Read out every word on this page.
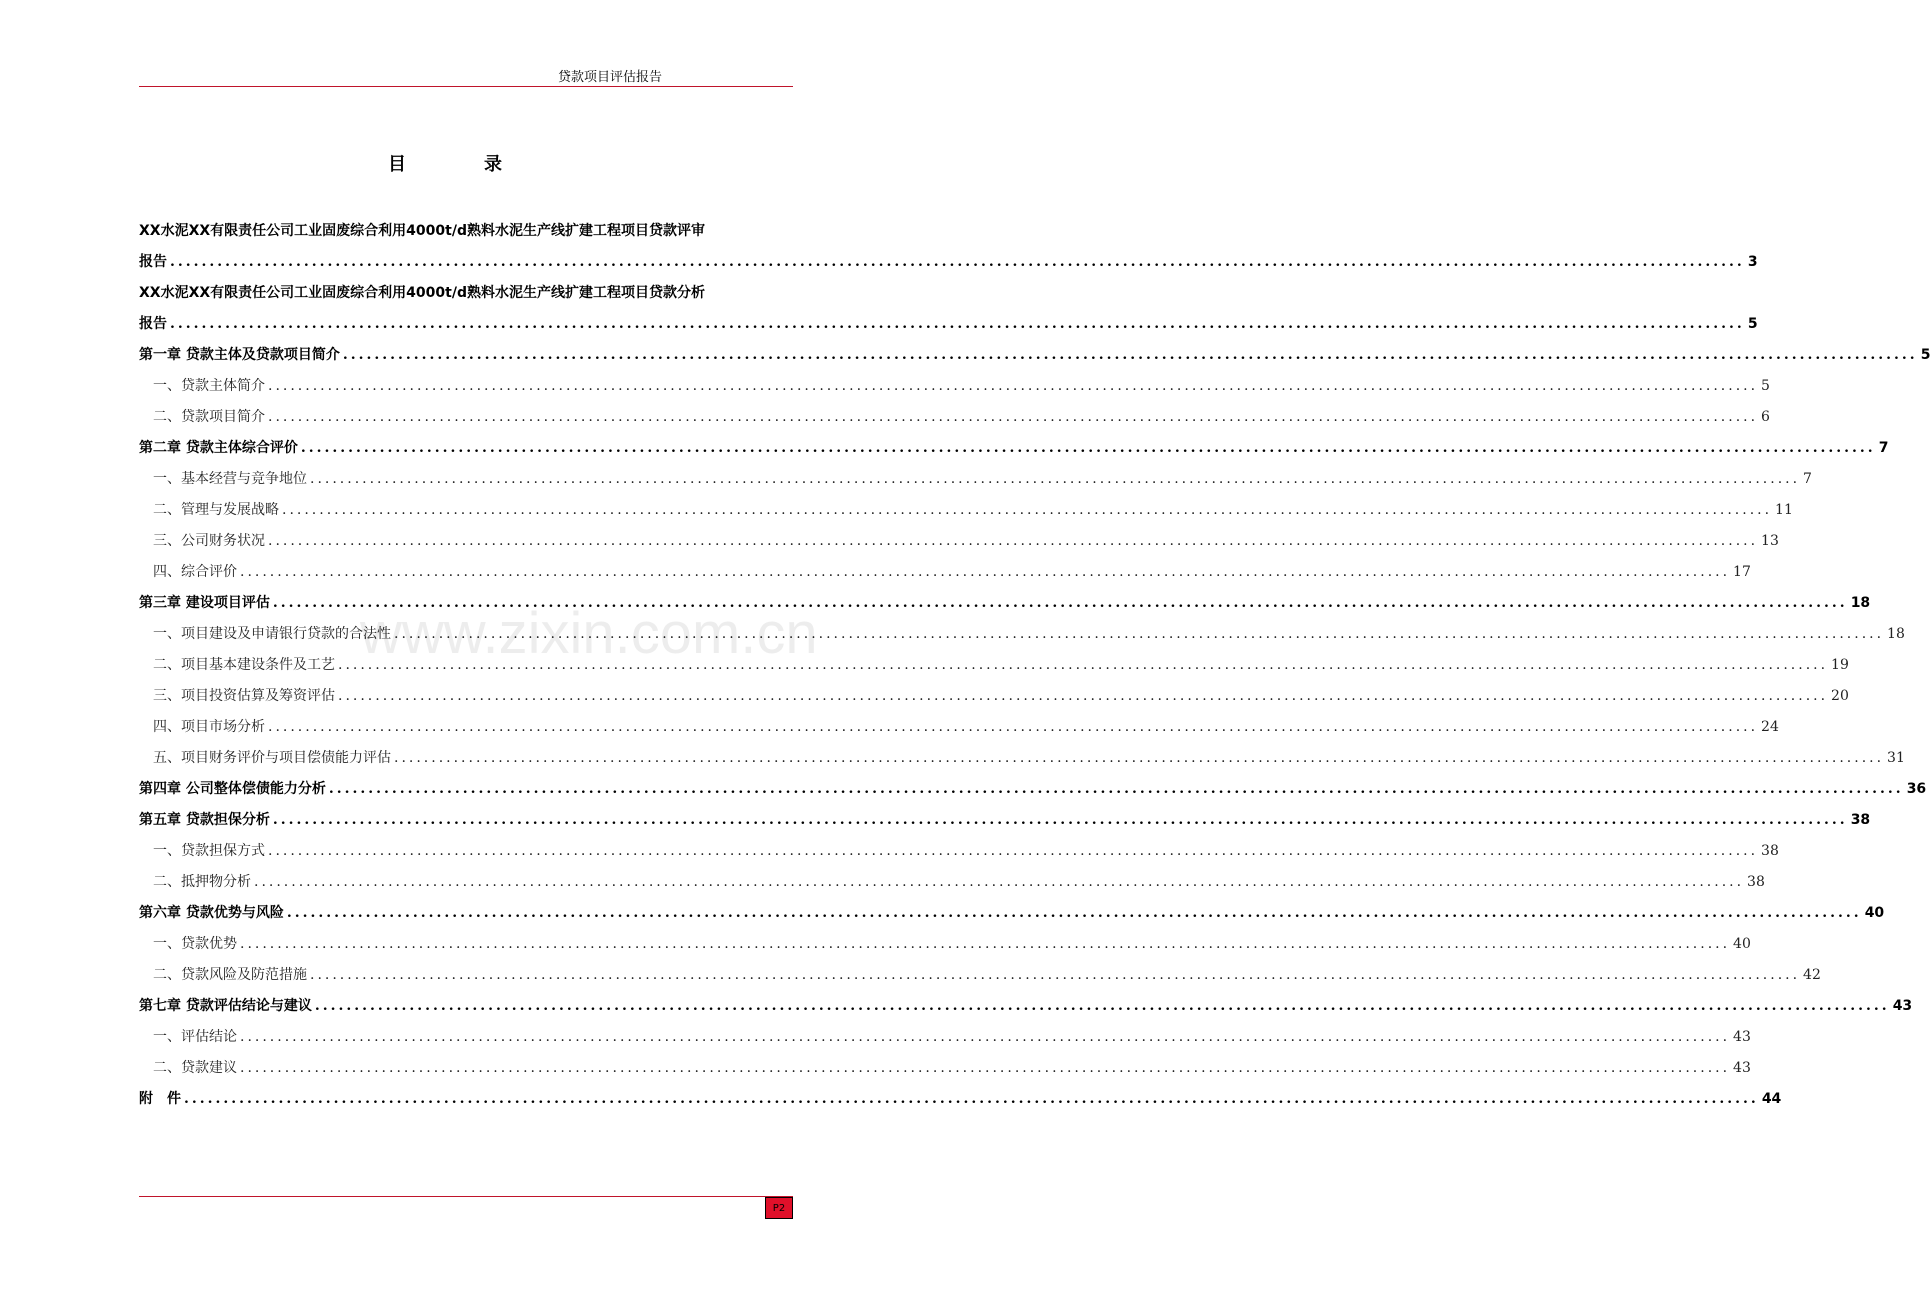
贷款项目评估报告
目　录
XX水泥XX有限责任公司工业固废综合利用4000t/d熟料水泥生产线扩建工程项目贷款评审
报告 ........................................................................................................................................................................................................ 3
XX水泥XX有限责任公司工业固废综合利用4000t/d熟料水泥生产线扩建工程项目贷款分析
报告 ........................................................................................................................................................................................................ 5
第一章 贷款主体及贷款项目简介 ........................................................................................................................................................................................................ 5
一、贷款主体简介 ........................................................................................................................................................................................................ 5
二、贷款项目简介 ........................................................................................................................................................................................................ 6
第二章 贷款主体综合评价 ........................................................................................................................................................................................................ 7
一、基本经营与竞争地位 ........................................................................................................................................................................................................ 7
二、管理与发展战略 ........................................................................................................................................................................................................ 11
三、公司财务状况 ........................................................................................................................................................................................................ 13
四、综合评价 ........................................................................................................................................................................................................ 17
第三章 建设项目评估 ........................................................................................................................................................................................................ 18
一、项目建设及申请银行贷款的合法性 ........................................................................................................................................................................................................ 18
二、项目基本建设条件及工艺 ........................................................................................................................................................................................................ 19
三、项目投资估算及筹资评估 ........................................................................................................................................................................................................ 20
四、项目市场分析 ........................................................................................................................................................................................................ 24
五、项目财务评价与项目偿债能力评估 ........................................................................................................................................................................................................ 31
第四章 公司整体偿债能力分析 ........................................................................................................................................................................................................ 36
第五章 贷款担保分析 ........................................................................................................................................................................................................ 38
一、贷款担保方式 ........................................................................................................................................................................................................ 38
二、抵押物分析 ........................................................................................................................................................................................................ 38
第六章 贷款优势与风险 ........................................................................................................................................................................................................ 40
一、贷款优势 ........................................................................................................................................................................................................ 40
二、贷款风险及防范措施 ........................................................................................................................................................................................................ 42
第七章 贷款评估结论与建议 ........................................................................................................................................................................................................ 43
一、评估结论 ........................................................................................................................................................................................................ 43
二、贷款建议 ........................................................................................................................................................................................................ 43
附　件 ........................................................................................................................................................................................................ 44
www.zixin.com.cn
P2
